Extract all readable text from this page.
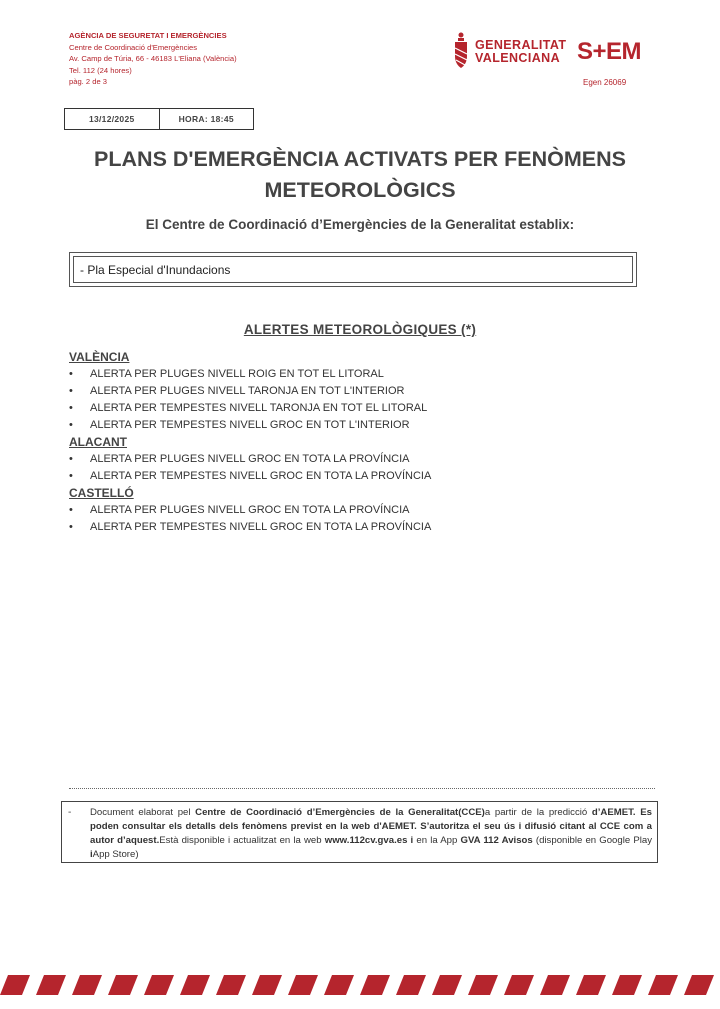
AGÈNCIA DE SEGURETAT I EMERGÈNCIES
Centre de Coordinació d'Emergències
Av. Camp de Túria, 66 - 46183 L'Eliana (València)
Tel. 112 (24 hores)
pàg. 2 de 3
GENERALITAT
VALENCIANA S+EM
Egen 26069
13/12/2025	HORA: 18:45
PLANS D'EMERGÈNCIA ACTIVATS PER FENÒMENS
METEOROLÒGICS
El Centre de Coordinació d’Emergències de la Generalitat establix:
- Pla Especial d'Inundacions
ALERTES METEOROLÒGIQUES (*)
VALÈNCIA
• ALERTA PER PLUGES NIVELL ROIG EN TOT EL LITORAL
• ALERTA PER PLUGES NIVELL TARONJA EN TOT L'INTERIOR
• ALERTA PER TEMPESTES NIVELL TARONJA EN TOT EL LITORAL
• ALERTA PER TEMPESTES NIVELL GROC EN TOT L'INTERIOR
ALACANT
• ALERTA PER PLUGES NIVELL GROC EN TOTA LA PROVÍNCIA
• ALERTA PER TEMPESTES NIVELL GROC EN TOTA LA PROVÍNCIA
CASTELLÓ
• ALERTA PER PLUGES NIVELL GROC EN TOTA LA PROVÍNCIA
• ALERTA PER TEMPESTES NIVELL GROC EN TOTA LA PROVÍNCIA
- Document elaborat pel Centre de Coordinació d’Emergències de la Generalitat(CCE)a partir de la predicció d’AEMET. Es poden consultar els detalls dels fenòmens previst en la web d'AEMET. S’autoritza el seu ús i difusió citant al CCE com a autor d’aquest.Està disponible i actualitzat en la web www.112cv.gva.es i en la App GVA 112 Avisos (disponible en Google Play iApp Store)
